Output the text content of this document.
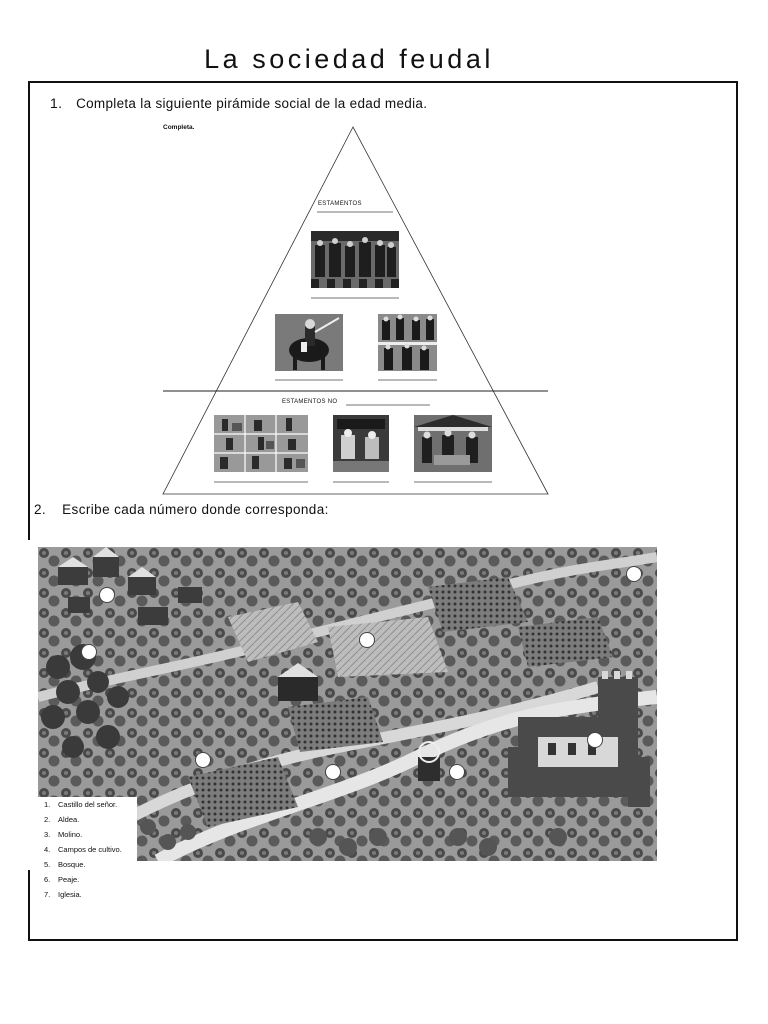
La sociedad feudal
1. Completa la siguiente pirámide social de la edad media.
Completa.
ESTAMENTOS
ESTAMENTOS NO
2. Escribe cada número donde corresponda:
1. Castillo del señor.
2. Aldea.
3. Molino.
4. Campos de cultivo.
5. Bosque.
6. Peaje.
7. Iglesia.
